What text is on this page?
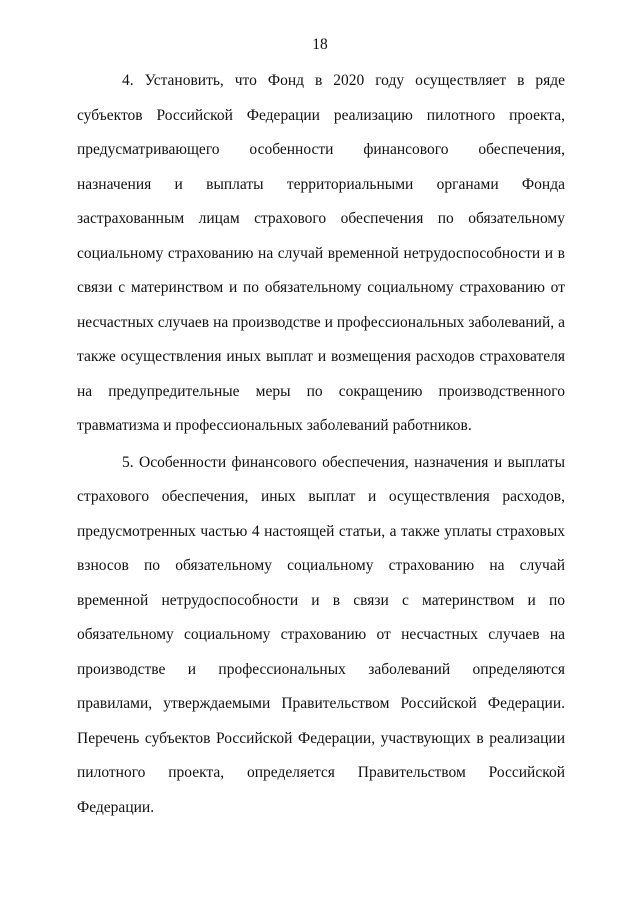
18

4. Установить, что Фонд в 2020 году осуществляет в ряде субъектов Российской Федерации реализацию пилотного проекта, предусматривающего особенности финансового обеспечения, назначения и выплаты территориальными органами Фонда застрахованным лицам страхового обеспечения по обязательному социальному страхованию на случай временной нетрудоспособности и в связи с материнством и по обязательному социальному страхованию от несчастных случаев на производстве и профессиональных заболеваний, а также осуществления иных выплат и возмещения расходов страхователя на предупредительные меры по сокращению производственного травматизма и профессиональных заболеваний работников.

5. Особенности финансового обеспечения, назначения и выплаты страхового обеспечения, иных выплат и осуществления расходов, предусмотренных частью 4 настоящей статьи, а также уплаты страховых взносов по обязательному социальному страхованию на случай временной нетрудоспособности и в связи с материнством и по обязательному социальному страхованию от несчастных случаев на производстве и профессиональных заболеваний определяются правилами, утверждаемыми Правительством Российской Федерации. Перечень субъектов Российской Федерации, участвующих в реализации пилотного проекта, определяется Правительством Российской Федерации.
